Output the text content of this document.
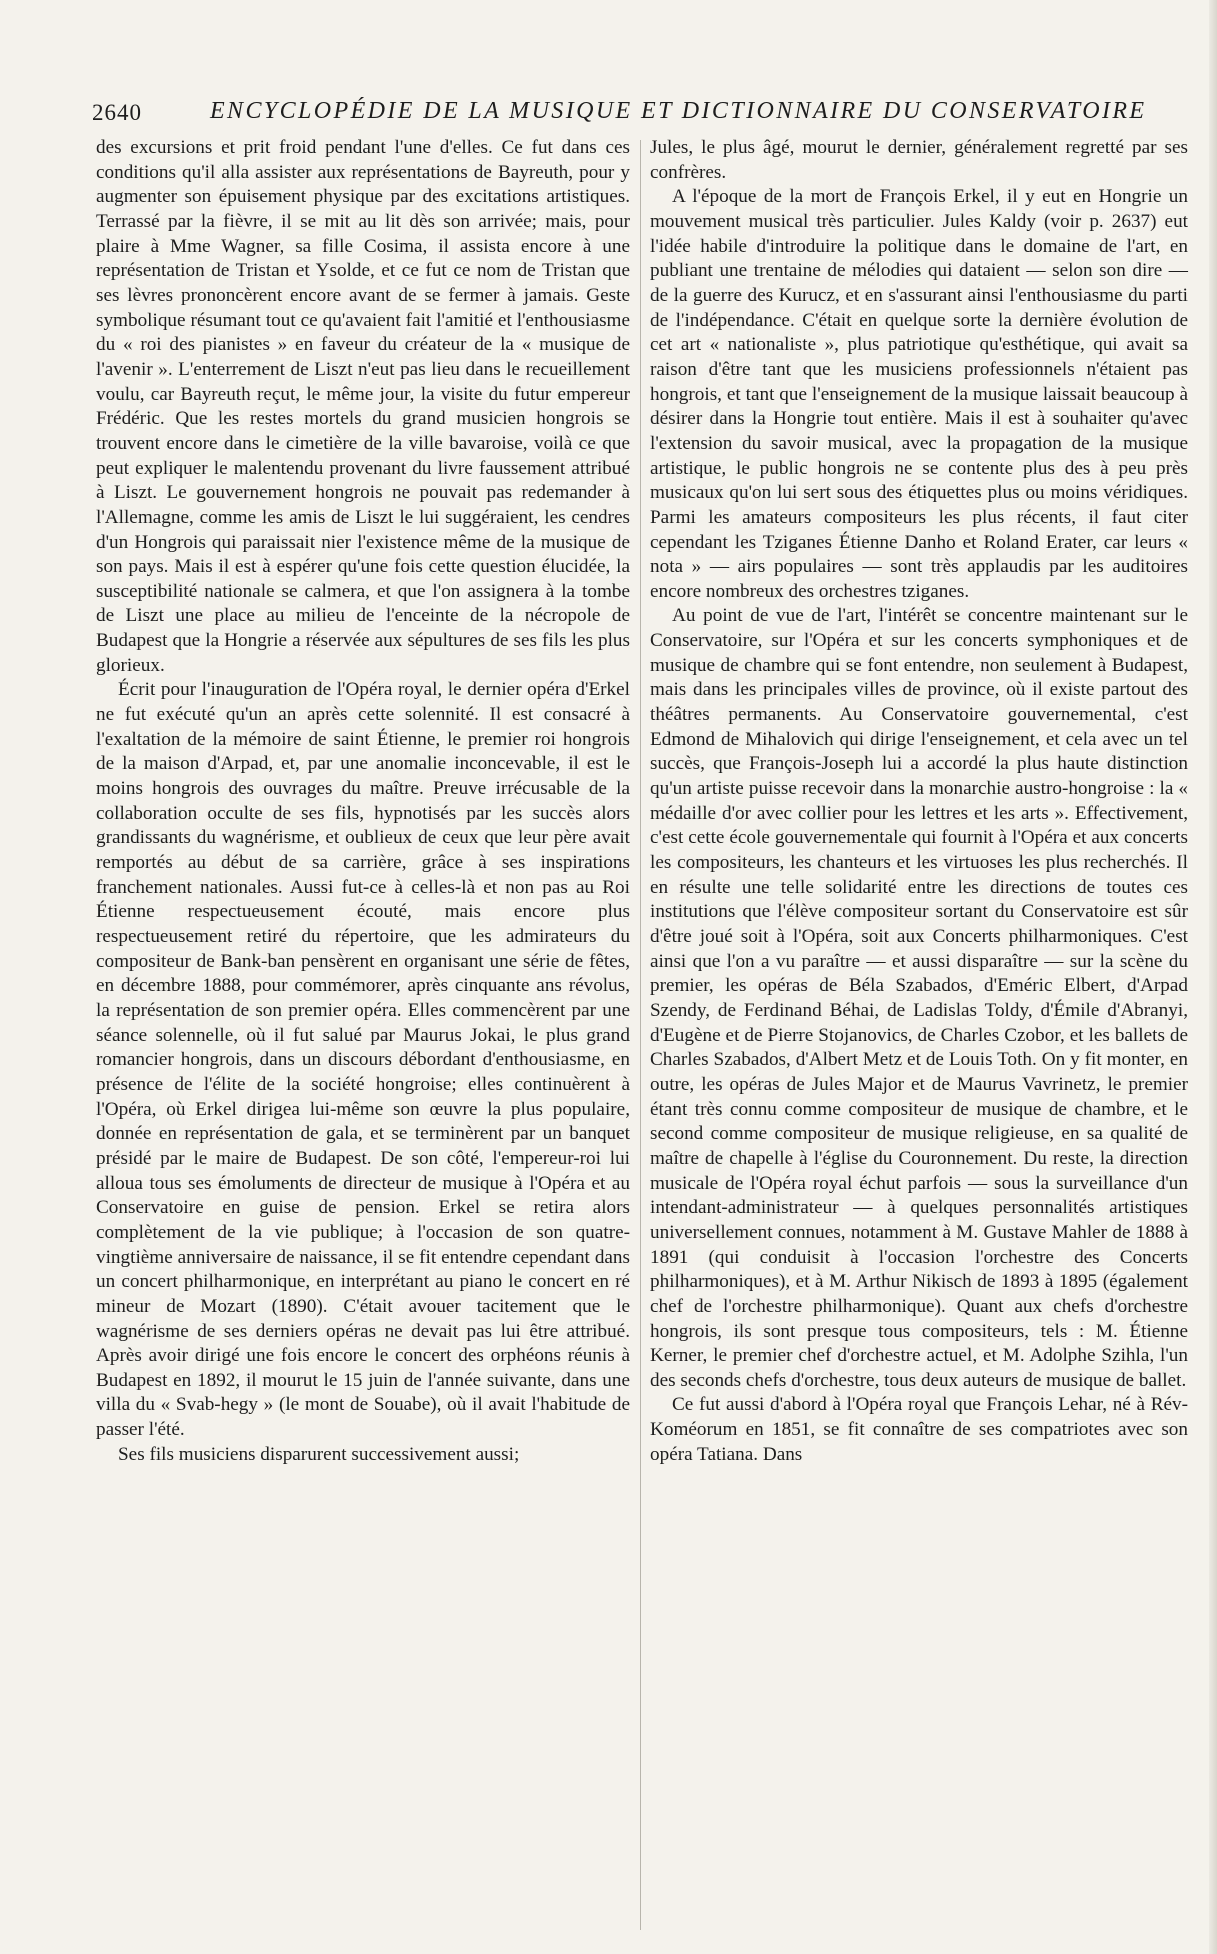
2640	ENCYCLOPÉDIE DE LA MUSIQUE ET DICTIONNAIRE DU CONSERVATOIRE

des excursions et prit froid pendant l'une d'elles. Ce fut dans ces conditions qu'il alla assister aux représentations de Bayreuth, pour y augmenter son épuisement physique par des excitations artistiques. Terrassé par la fièvre, il se mit au lit dès son arrivée; mais, pour plaire à Mme Wagner, sa fille Cosima, il assista encore à une représentation de Tristan et Ysolde, et ce fut ce nom de Tristan que ses lèvres prononcèrent encore avant de se fermer à jamais. Geste symbolique résumant tout ce qu'avaient fait l'amitié et l'enthousiasme du « roi des pianistes » en faveur du créateur de la « musique de l'avenir ». L'enterrement de Liszt n'eut pas lieu dans le recueillement voulu, car Bayreuth reçut, le même jour, la visite du futur empereur Frédéric. Que les restes mortels du grand musicien hongrois se trouvent encore dans le cimetière de la ville bavaroise, voilà ce que peut expliquer le malentendu provenant du livre faussement attribué à Liszt. Le gouvernement hongrois ne pouvait pas redemander à l'Allemagne, comme les amis de Liszt le lui suggéraient, les cendres d'un Hongrois qui paraissait nier l'existence même de la musique de son pays. Mais il est à espérer qu'une fois cette question élucidée, la susceptibilité nationale se calmera, et que l'on assignera à la tombe de Liszt une place au milieu de l'enceinte de la nécropole de Budapest que la Hongrie a réservée aux sépultures de ses fils les plus glorieux.

Écrit pour l'inauguration de l'Opéra royal, le dernier opéra d'Erkel ne fut exécuté qu'un an après cette solennité. Il est consacré à l'exaltation de la mémoire de saint Étienne, le premier roi hongrois de la maison d'Arpad, et, par une anomalie inconcevable, il est le moins hongrois des ouvrages du maître. Preuve irrécusable de la collaboration occulte de ses fils, hypnotisés par les succès alors grandissants du wagnérisme, et oublieux de ceux que leur père avait remportés au début de sa carrière, grâce à ses inspirations franchement nationales. Aussi fut-ce à celles-là et non pas au Roi Étienne respectueusement écouté, mais encore plus respectueusement retiré du répertoire, que les admirateurs du compositeur de Bank-ban pensèrent en organisant une série de fêtes, en décembre 1888, pour commémorer, après cinquante ans révolus, la représentation de son premier opéra. Elles commencèrent par une séance solennelle, où il fut salué par Maurus Jokai, le plus grand romancier hongrois, dans un discours débordant d'enthousiasme, en présence de l'élite de la société hongroise; elles continuèrent à l'Opéra, où Erkel dirigea lui-même son œuvre la plus populaire, donnée en représentation de gala, et se terminèrent par un banquet présidé par le maire de Budapest. De son côté, l'empereur-roi lui alloua tous ses émoluments de directeur de musique à l'Opéra et au Conservatoire en guise de pension. Erkel se retira alors complètement de la vie publique; à l'occasion de son quatre-vingtième anniversaire de naissance, il se fit entendre cependant dans un concert philharmonique, en interprétant au piano le concert en ré mineur de Mozart (1890). C'était avouer tacitement que le wagnérisme de ses derniers opéras ne devait pas lui être attribué. Après avoir dirigé une fois encore le concert des orphéons réunis à Budapest en 1892, il mourut le 15 juin de l'année suivante, dans une villa du « Svab-hegy » (le mont de Souabe), où il avait l'habitude de passer l'été.

Ses fils musiciens disparurent successivement aussi;

Jules, le plus âgé, mourut le dernier, généralement regretté par ses confrères.

A l'époque de la mort de François Erkel, il y eut en Hongrie un mouvement musical très particulier. Jules Kaldy (voir p. 2637) eut l'idée habile d'introduire la politique dans le domaine de l'art, en publiant une trentaine de mélodies qui dataient — selon son dire — de la guerre des Kurucz, et en s'assurant ainsi l'enthousiasme du parti de l'indépendance. C'était en quelque sorte la dernière évolution de cet art « nationaliste », plus patriotique qu'esthétique, qui avait sa raison d'être tant que les musiciens professionnels n'étaient pas hongrois, et tant que l'enseignement de la musique laissait beaucoup à désirer dans la Hongrie tout entière. Mais il est à souhaiter qu'avec l'extension du savoir musical, avec la propagation de la musique artistique, le public hongrois ne se contente plus des à peu près musicaux qu'on lui sert sous des étiquettes plus ou moins véridiques. Parmi les amateurs compositeurs les plus récents, il faut citer cependant les Tziganes Étienne Danho et Roland Erater, car leurs « nota » — airs populaires — sont très applaudis par les auditoires encore nombreux des orchestres tziganes.

Au point de vue de l'art, l'intérêt se concentre maintenant sur le Conservatoire, sur l'Opéra et sur les concerts symphoniques et de musique de chambre qui se font entendre, non seulement à Budapest, mais dans les principales villes de province, où il existe partout des théâtres permanents. Au Conservatoire gouvernemental, c'est Edmond de Mihalovich qui dirige l'enseignement, et cela avec un tel succès, que François-Joseph lui a accordé la plus haute distinction qu'un artiste puisse recevoir dans la monarchie austro-hongroise : la « médaille d'or avec collier pour les lettres et les arts ». Effectivement, c'est cette école gouvernementale qui fournit à l'Opéra et aux concerts les compositeurs, les chanteurs et les virtuoses les plus recherchés. Il en résulte une telle solidarité entre les directions de toutes ces institutions que l'élève compositeur sortant du Conservatoire est sûr d'être joué soit à l'Opéra, soit aux Concerts philharmoniques. C'est ainsi que l'on a vu paraître — et aussi disparaître — sur la scène du premier, les opéras de Béla Szabados, d'Eméric Elbert, d'Arpad Szendy, de Ferdinand Béhai, de Ladislas Toldy, d'Émile d'Abranyi, d'Eugène et de Pierre Stojanovics, de Charles Czobor, et les ballets de Charles Szabados, d'Albert Metz et de Louis Toth. On y fit monter, en outre, les opéras de Jules Major et de Maurus Vavrinetz, le premier étant très connu comme compositeur de musique de chambre, et le second comme compositeur de musique religieuse, en sa qualité de maître de chapelle à l'église du Couronnement. Du reste, la direction musicale de l'Opéra royal échut parfois — sous la surveillance d'un intendant-administrateur — à quelques personnalités artistiques universellement connues, notamment à M. Gustave Mahler de 1888 à 1891 (qui conduisit à l'occasion l'orchestre des Concerts philharmoniques), et à M. Arthur Nikisch de 1893 à 1895 (également chef de l'orchestre philharmonique). Quant aux chefs d'orchestre hongrois, ils sont presque tous compositeurs, tels : M. Étienne Kerner, le premier chef d'orchestre actuel, et M. Adolphe Szihla, l'un des seconds chefs d'orchestre, tous deux auteurs de musique de ballet.

Ce fut aussi d'abord à l'Opéra royal que François Lehar, né à Rév-Koméorum en 1851, se fit connaître de ses compatriotes avec son opéra Tatiana. Dans
